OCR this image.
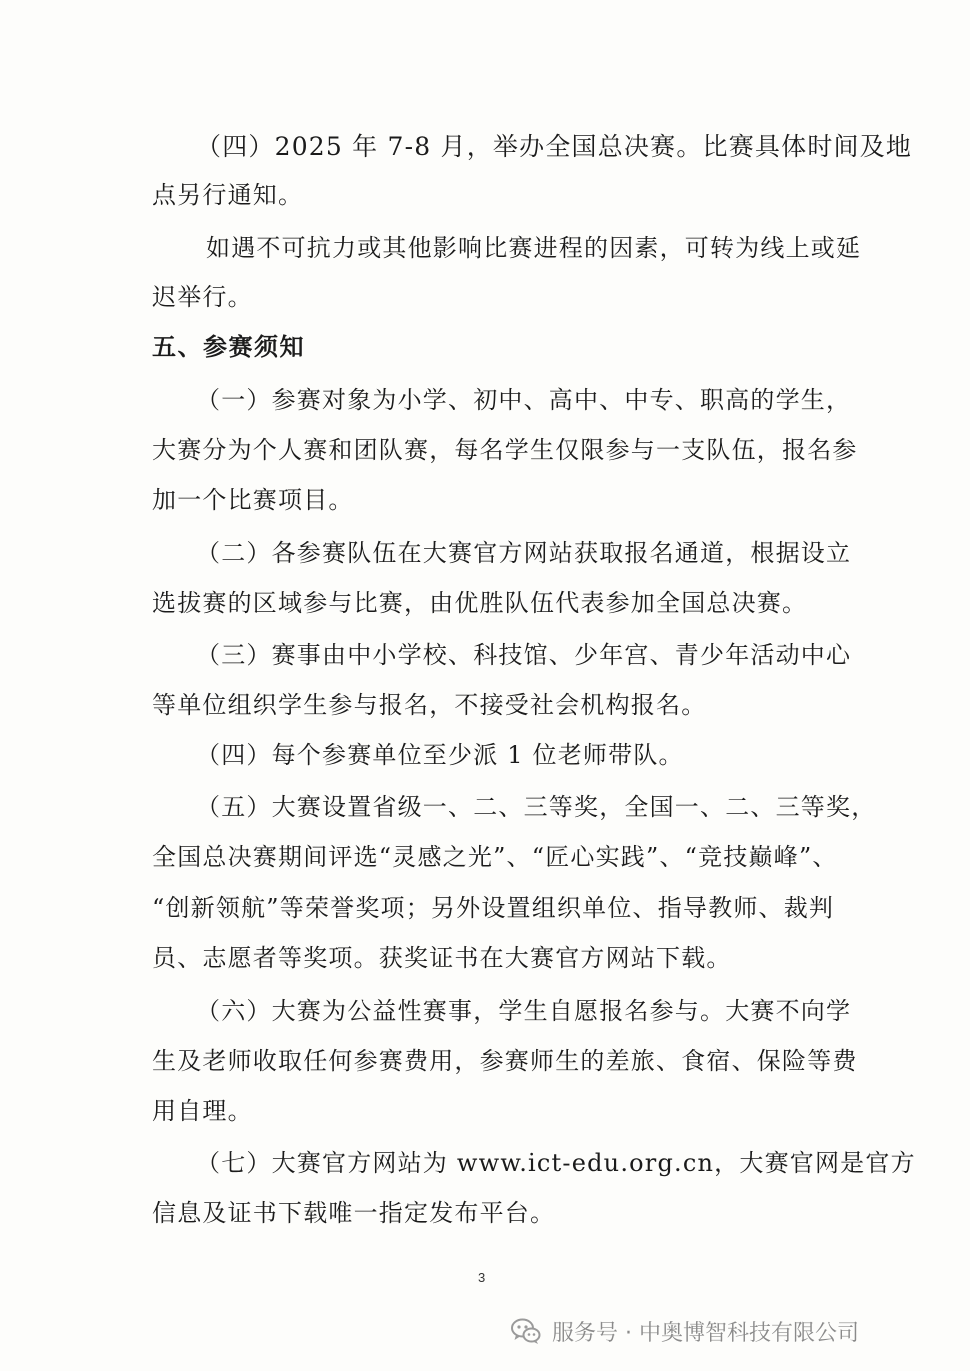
（四）2025 年 7-8 月，举办全国总决赛。比赛具体时间及地
点另行通知。
如遇不可抗力或其他影响比赛进程的因素，可转为线上或延
迟举行。
五、参赛须知
（一）参赛对象为小学、初中、高中、中专、职高的学生，
大赛分为个人赛和团队赛，每名学生仅限参与一支队伍，报名参
加一个比赛项目。
（二）各参赛队伍在大赛官方网站获取报名通道，根据设立
选拔赛的区域参与比赛，由优胜队伍代表参加全国总决赛。
（三）赛事由中小学校、科技馆、少年宫、青少年活动中心
等单位组织学生参与报名，不接受社会机构报名。
（四）每个参赛单位至少派 1 位老师带队。
（五）大赛设置省级一、二、三等奖，全国一、二、三等奖，
全国总决赛期间评选“灵感之光”、“匠心实践”、“竞技巅峰”、
“创新领航”等荣誉奖项；另外设置组织单位、指导教师、裁判
员、志愿者等奖项。获奖证书在大赛官方网站下载。
（六）大赛为公益性赛事，学生自愿报名参与。大赛不向学
生及老师收取任何参赛费用，参赛师生的差旅、食宿、保险等费
用自理。
（七）大赛官方网站为 www.ict-edu.org.cn，大赛官网是官方
信息及证书下载唯一指定发布平台。
3
服务号 · 中奥博智科技有限公司
